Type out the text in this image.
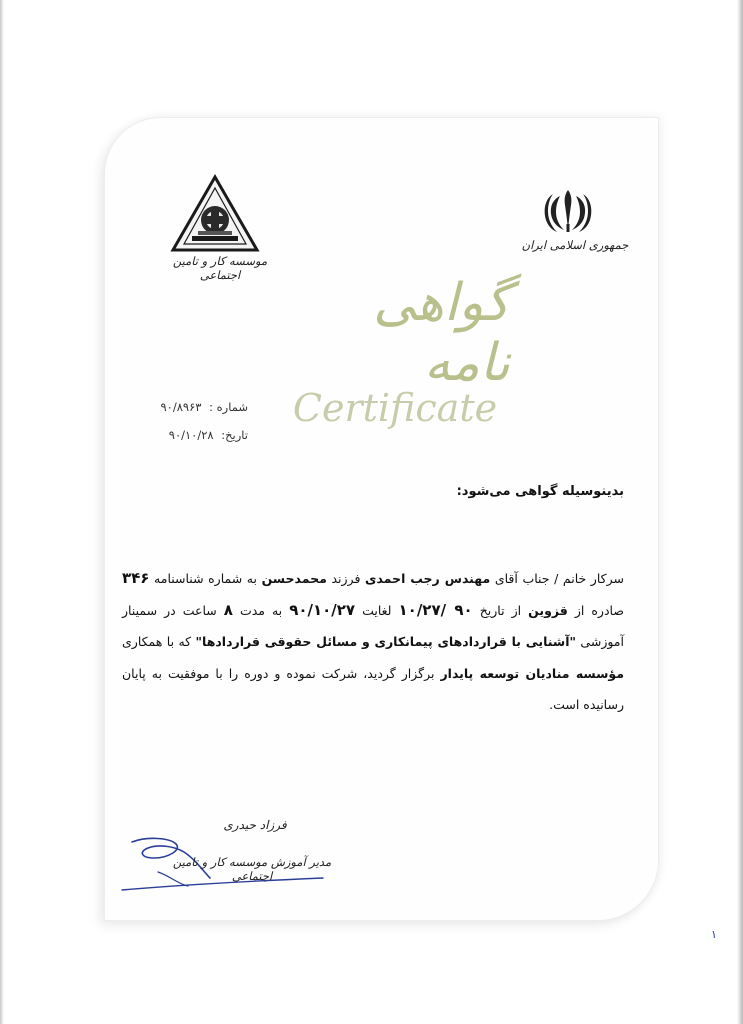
جمهوری اسلامی ایران
موسسه کار و تامین اجتماعی	گواهی نامه
Certificate
شماره : ۹۰/۸۹۶۳
تاریخ: ۹۰/۱۰/۲۸
بدینوسیله گواهی می‌شود:
سرکار خانم / جناب آقای مهندس رجب احمدی فرزند محمدحسن به شماره شناسنامه ۳۴۶ صادره از قزوین از تاریخ ۹۰ /۱۰/۲۷ لغایت ۹۰/۱۰/۲۷ به مدت ۸ ساعت در سمینار آموزشی "آشنایی با قراردادهای پیمانکاری و مسائل حقوقی قراردادها" که با همکاری مؤسسه منادیان توسعه پایدار برگزار گردید، شرکت نموده و دوره را با موفقیت به پایان رسانیده است.
فرزاد حیدری
مدیر آموزش موسسه کار و تامین اجتماعی
۱
